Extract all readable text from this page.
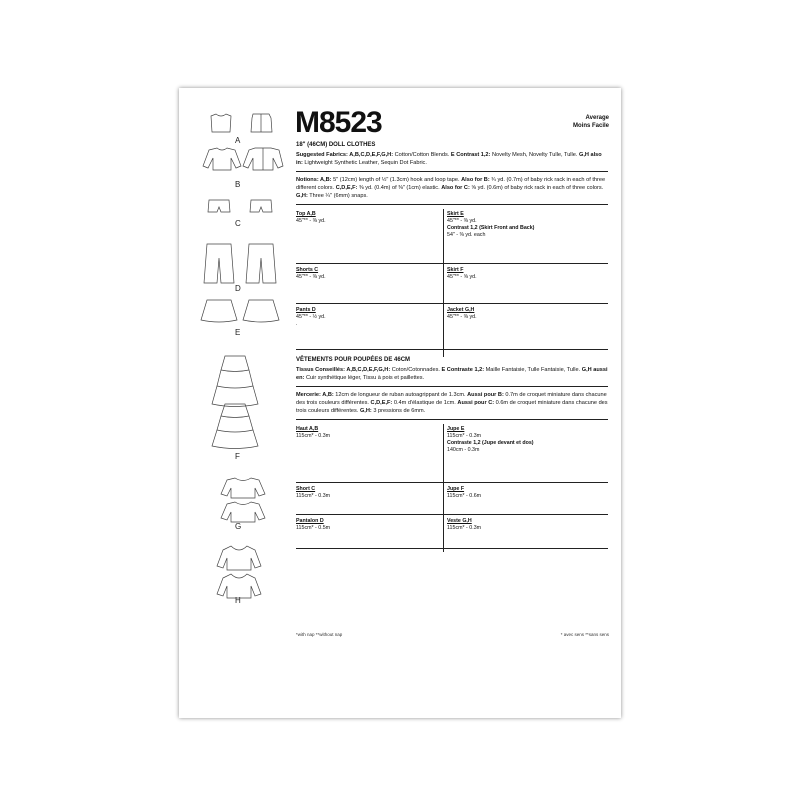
A
B
C
D
E
F
G
H
M8523	Average
Moins Facile
18" (46CM) DOLL CLOTHES

Suggested Fabrics: A,B,C,D,E,F,G,H: Cotton/Cotton Blends. E Contrast 1,2: Novelty Mesh, Novelty Tulle, Tulle. G,H also in: Lightweight Synthetic Leather, Sequin Dot Fabric.

Notions: A,B: 5" (12cm) length of ½" (1.3cm) hook and loop tape. Also for B: ¾ yd. (0.7m) of baby rick rack in each of three different colors. C,D,E,F: ⅜ yd. (0.4m) of ⅜" (1cm) elastic. Also for C: ⅝ yd. (0.6m) of baby rick rack in each of three colors. G,H: Three ¼" (6mm) snaps.

Top A,B
45"** - ⅜ yd.
Skirt E
45"** - ⅜ yd.
Contrast 1,2 (Skirt Front and Back)
54" - ⅜ yd. each
Shorts C
45"** - ⅜ yd.
Skirt F
45"** - ⅝ yd.
Pants D
45"** - ½ yd.
.
Jacket G,H
45"** - ⅜ yd.
VÊTEMENTS POUR POUPÉES DE 46CM

Tissus Conseillés: A,B,C,D,E,F,G,H: Coton/Cotonnades. E Contraste 1,2: Maille Fantaisie, Tulle Fantaisie, Tulle. G,H aussi en: Cuir synthétique léger, Tissu à pois et paillettes.

Mercerie: A,B: 12cm de longueur de ruban autoagrippant de 1.3cm. Aussi pour B: 0.7m de croquet miniature dans chacune des trois couleurs différentes. C,D,E,F: 0.4m d'élastique de 1cm. Aussi pour C: 0.6m de croquet miniature dans chacune des trois couleurs différentes. G,H: 3 pressions de 6mm.

Haut A,B
115cm* - 0.3m
Jupe E
115cm* - 0.3m
Contraste 1,2 (Jupe devant et dos)
140cm - 0.3m
Short C
115cm* - 0.3m
Jupe F
115cm* - 0.6m
Pantalon D
115cm* - 0.5m
Veste G,H
115cm* - 0.3m
*with nap **without nap	* avec sens **sans sens
